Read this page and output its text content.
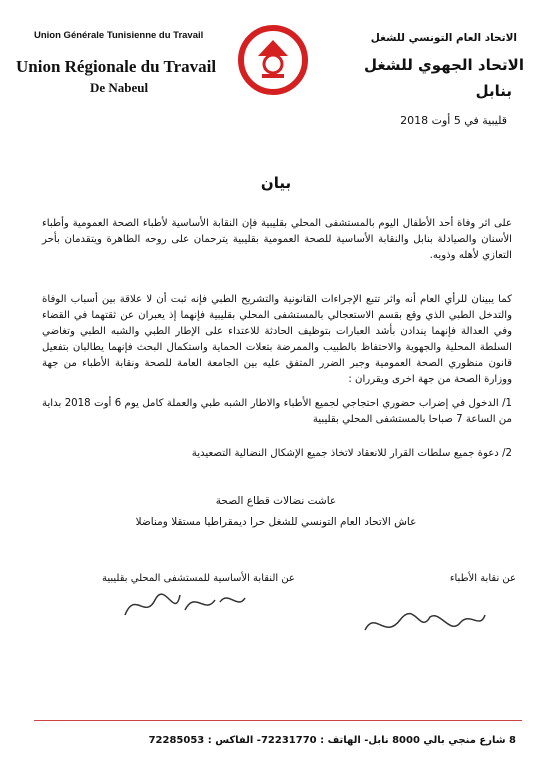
Union Générale Tunisienne du Travail
Union Régionale du Travail
De Nabeul
الاتحاد العام التونسي للشغل
الاتحاد الجهوي للشغل
بنابل
قليبية في 5 أوت 2018
بيان
على اثر وفاة أحد الأطفال اليوم بالمستشفى المحلي بقليبية فإن النقابة الأساسية لأطباء الصحة العمومية وأطباء الأسنان والصيادلة بنابل والنقابة الأساسية للصحة العمومية بقليبية يترحمان على روحه الطاهرة ويتقدمان بأحر التعازي لأهله وذويه.
كما يبينان للرأي العام أنه واثر تتبع الإجراءات القانونية والتشريح الطبي فإنه ثبت أن لا علاقة بين أسباب الوفاة والتدخل الطبي الذي وقع بقسم الاستعجالي بالمستشفى المحلي بقليبية فإنهما إذ يعبران عن ثقتهما في القضاء وفي العدالة فإنهما يندادن بأشد العبارات بتوظيف الحادثة للاعتداء على الإطار الطبي والشبه الطبي وتغاضي السلطة المحلية والجهوية والاحتفاظ بالطبيب والممرضة بتعلات الحماية واستكمال البحث فإنهما يطالبان بتفعيل قانون منظوري الصحة العمومية وجبر الضرر المتفق عليه بين الجامعة العامة للصحة ونقابة الأطباء من جهة ووزارة الصحة من جهة اخرى ويقرران :
1/ الدخول في إضراب حضوري احتجاجي لجميع الأطباء والاطار الشبه طبي والعملة كامل يوم 6 أوت 2018 بداية من الساعة 7 صباحا بالمستشفى المحلي بقليبية
2/ دعوة جميع سلطات القرار للانعقاد لاتخاذ جميع الإشكال النضالية التصعيدية
عاشت نضالات قطاع الصحة
عاش الاتحاد العام التونسي للشغل حرا ديمقراطيا مستقلا ومناضلا
عن نقابة الأطباء
عن النقابة الأساسية للمستشفى المحلي بقليبية
8 شارع منجي بالي 8000 نابل- الهاتف : 72231770- الفاكس : 72285053
